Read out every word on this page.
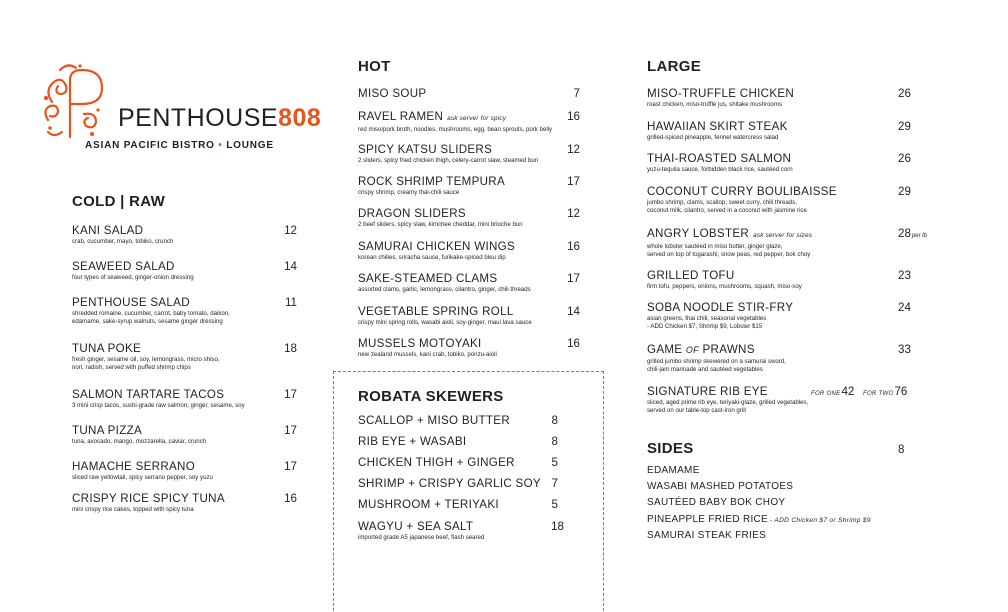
PENTHOUSE808
ASIAN PACIFIC BISTRO • LOUNGE
COLD | RAW
KANI SALAD	12
crab, cucumber, mayo, tobiko, crunch
SEAWEED SALAD	14
four types of seaweed, ginger-onion dressing
PENTHOUSE SALAD	11
shredded romaine, cucumber, carrot, baby tomato, daikon,
edamame, sake-syrup walnuts, sesame ginger dressing
TUNA POKE	18
fresh ginger, sesame oil, soy, lemongrass, micro shiso,
nori, radish, served with puffed shrimp chips
SALMON TARTARE TACOS	17
3 mini crisp tacos, sushi-grade raw salmon, ginger, sesame, soy
TUNA PIZZA	17
tuna, avocado, mango, mozzarella, caviar, crunch
HAMACHE SERRANO	17
sliced raw yellowtail, spicy serrano pepper, soy yuzu
CRISPY RICE SPICY TUNA	16
mini crispy rice cakes, topped with spicy tuna
HOT
MISO SOUP	7
RAVEL RAMEN ask server for spicy	16
red miso/pork broth, noodles, mushrooms, egg, bean sprouts, pork belly
SPICY KATSU SLIDERS	12
2 sliders, spicy fried chicken thigh, celery-carrot slaw, steamed bun
ROCK SHRIMP TEMPURA	17
crispy shrimp, creamy thai-chili sauce
DRAGON SLIDERS	12
2 beef sliders, spicy slaw, kimchee cheddar, mini brioche bun
SAMURAI CHICKEN WINGS	16
korean chilies, sriracha sauce, furikake-spiced bleu dip
SAKE-STEAMED CLAMS	17
assorted clams, garlic, lemongrass, cilantro, ginger, chili threads
VEGETABLE SPRING ROLL	14
crispy mini spring rolls, wasabi aioli, soy-ginger, maui lava sauce
MUSSELS MOTOYAKI	16
new zealand mussels, kani crab, tobiko, ponzu-aioli
ROBATA SKEWERS
SCALLOP + MISO BUTTER	8
RIB EYE + WASABI	8
CHICKEN THIGH + GINGER	5
SHRIMP + CRISPY GARLIC SOY 7
MUSHROOM + TERIYAKI	5
WAGYU + SEA SALT	18
imported grade A5 japanese beef, flash seared
LARGE
MISO-TRUFFLE CHICKEN	26
roast chicken, miso-truffle jus, shitake mushrooms
HAWAIIAN SKIRT STEAK	29
grilled-spiced pineapple, fennel watercress salad
THAI-ROASTED SALMON	26
yuzu-tequila sauce, forbidden black rice, sautéed corn
COCONUT CURRY BOULIBAISSE	29
jumbo shrimp, clams, scallop, sweet curry, chili threads,
coconut milk, cilantro, served in a coconut with jasmine rice
ANGRY LOBSTER ask server for sizes	28per lb
whole lobster sautéed in miso butter, ginger glaze,
served on top of togarashi, snow peas, red pepper, bok choy
GRILLED TOFU	23
firm tofu, peppers, onions, mushrooms, squash, miso-soy
SOBA NOODLE STIR-FRY	24
asian greens, thai chili, seasonal vegetables
- ADD Chicken $7, Shrimp $9, Lobster $15
GAME OF PRAWNS	33
grilled jumbo shrimp skewered on a samurai sword,
chili-jam marinade and sautéed vegetables
SIGNATURE RIB EYE	FOR ONE42 FOR TWO76
sliced, aged prime rib eye, teriyaki-glaze, grilled vegetables,
served on our table-top cast-iron grill
SIDES	8
EDAMAME
WASABI MASHED POTATOES
SAUTÉED BABY BOK CHOY
PINEAPPLE FRIED RICE - ADD Chicken $7 or Shrimp $9
SAMURAI STEAK FRIES
